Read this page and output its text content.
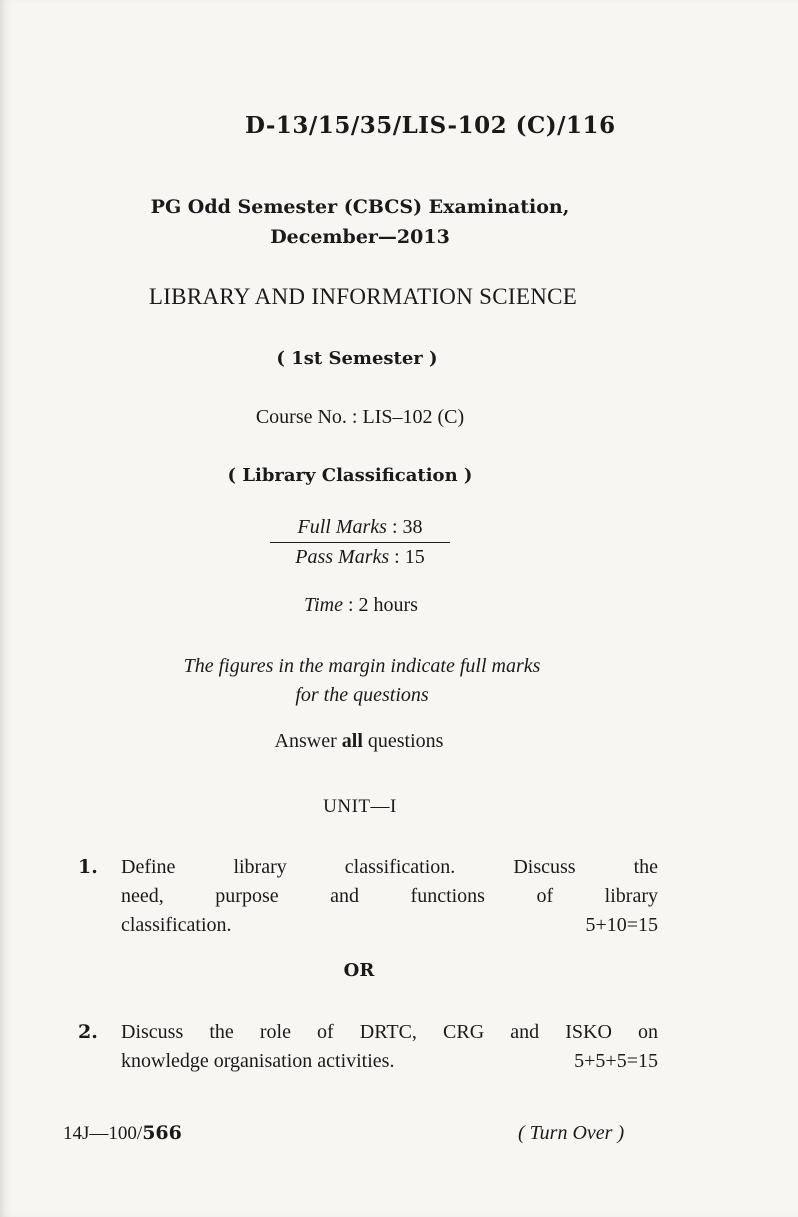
D-13/15/35/LIS-102 (C)/116
PG Odd Semester (CBCS) Examination,
December—2013
LIBRARY AND INFORMATION SCIENCE
( 1st Semester )
Course No. : LIS–102 (C)
( Library Classification )
Full Marks : 38
Pass Marks : 15
Time : 2 hours
The figures in the margin indicate full marks
for the questions
Answer all questions
UNIT—I
1. Define library classification. Discuss the
need, purpose and functions of library
classification.	5+10=15
OR
2. Discuss the role of DRTC, CRG and ISKO on
knowledge organisation activities.	5+5+5=15
14J—100/566	( Turn Over )
